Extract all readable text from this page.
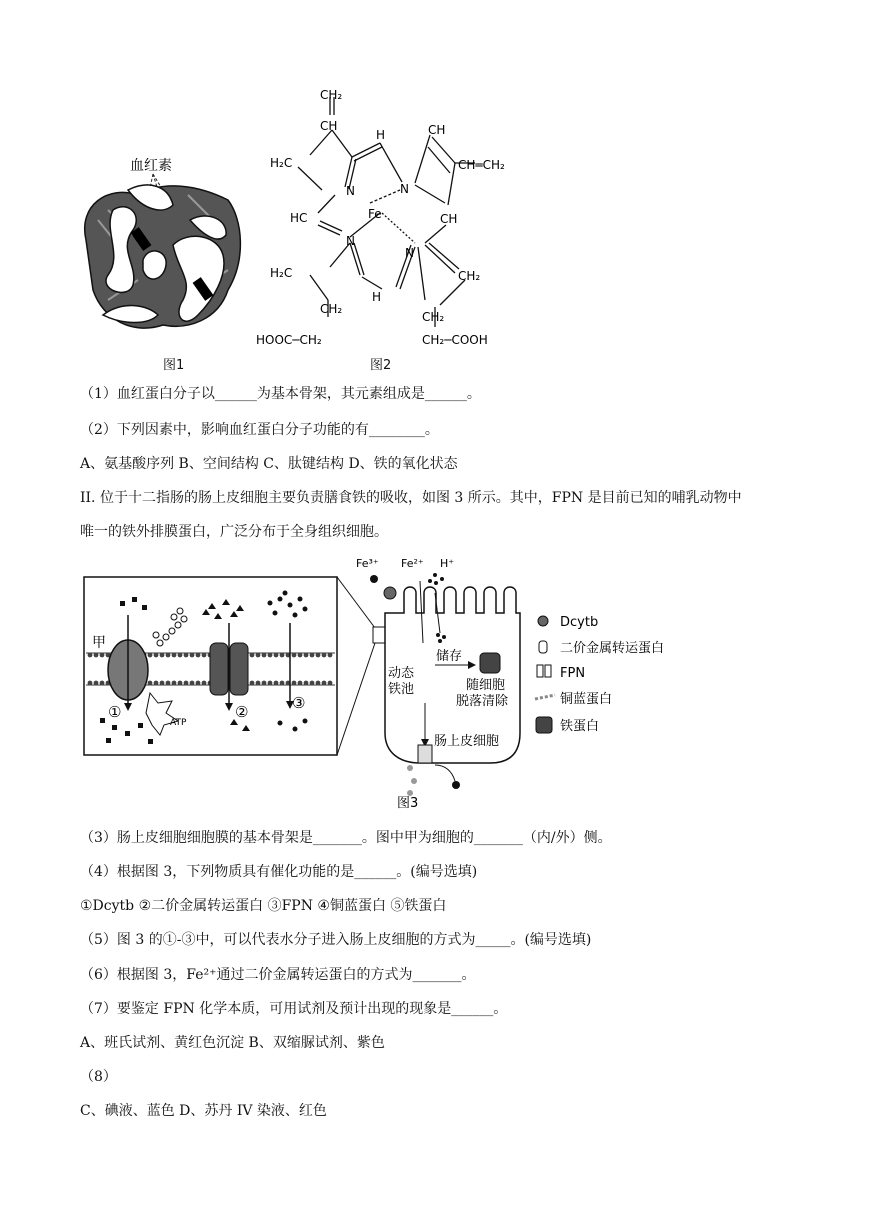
血红素
图1
CH₂
CH
H	CH
H₂C	CH═CH₂
N	N
Fe
HC	CH
N
N
H₂C	CH₂
H
CH₂
CH₂
HOOC─CH₂	CH₂─COOH
图2
（1）血红蛋白分子以______为基本骨架，其元素组成是______。
（2）下列因素中，影响血红蛋白分子功能的有________。
A、氨基酸序列 B、空间结构 C、肽键结构 D、铁的氧化状态
II. 位于十二指肠的肠上皮细胞主要负责膳食铁的吸收，如图 3 所示。其中，FPN 是目前已知的哺乳动物中
唯一的铁外排膜蛋白，广泛分布于全身组织细胞。
甲
①
ATP
②	③
Fe³⁺ Fe²⁺ H⁺
储存
动态
铁池	随细胞
脱落清除
肠上皮细胞
图3
Dcytb
二价金属转运蛋白
FPN
铜蓝蛋白
铁蛋白
（3）肠上皮细胞细胞膜的基本骨架是_______。图中甲为细胞的_______（内/外）侧。
（4）根据图 3，下列物质具有催化功能的是______。(编号选填)
①Dcytb ②二价金属转运蛋白 ③FPN ④铜蓝蛋白 ⑤铁蛋白
（5）图 3 的①-③中，可以代表水分子进入肠上皮细胞的方式为_____。(编号选填)
（6）根据图 3，Fe²⁺通过二价金属转运蛋白的方式为_______。
（7）要鉴定 FPN 化学本质，可用试剂及预计出现的现象是______。
A、班氏试剂、黄红色沉淀 B、双缩脲试剂、紫色
（8）
C、碘液、蓝色 D、苏丹 IV 染液、红色
